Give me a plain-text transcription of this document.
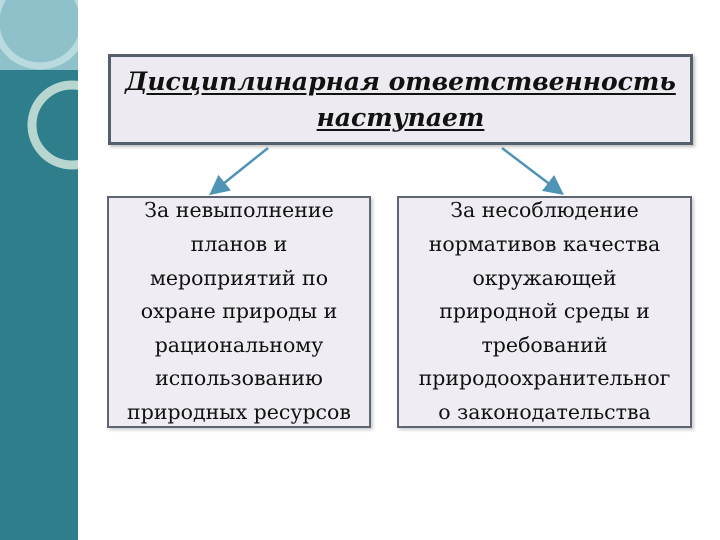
Дисциплинарная ответственность
наступает
За невыполнение
планов и
мероприятий по
охране природы и
рациональному
использованию
природных ресурсов
За несоблюдение
нормативов качества
окружающей
природной среды и
требований
природоохранительног
о законодательства
